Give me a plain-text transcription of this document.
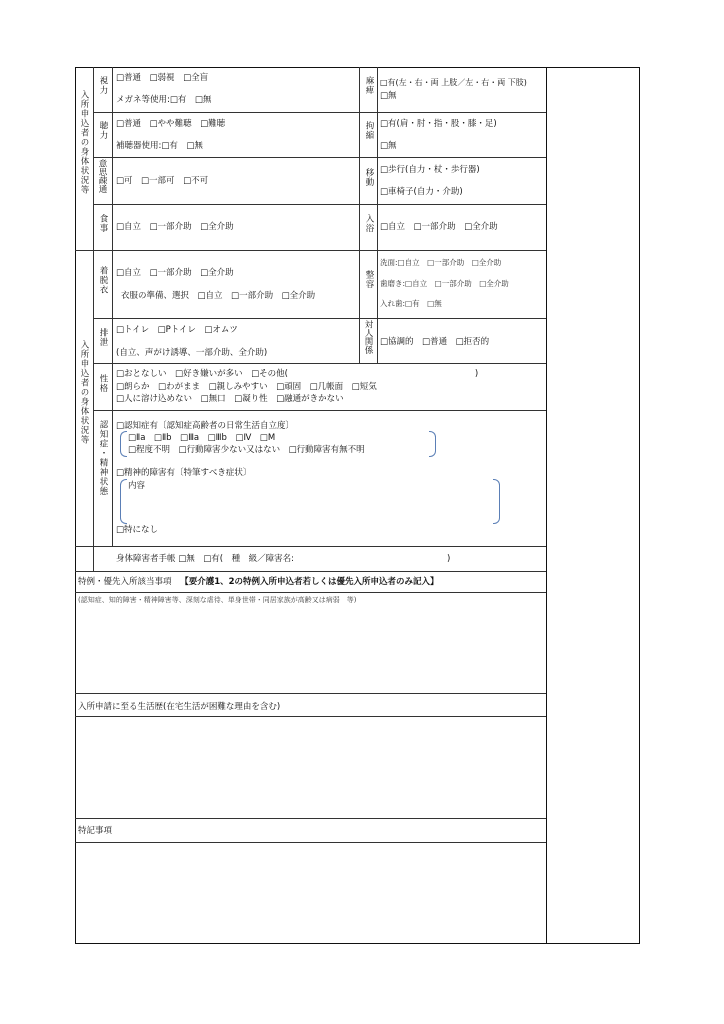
入所申込者の身体状況等
入所申込者の身体状況等
視力
聴力
意思疎通
食事
着脱衣
排泄
性格
認知症・精神状態
麻痺
拘縮
移動
入浴
整容
対人関係
□普通　□弱視　□全盲
メガネ等使用:□有　□無
□普通　□やや難聴　□難聴
補聴器使用:□有　□無
□可　□一部可　□不可
□自立　□一部介助　□全介助
□自立　□一部介助　□全介助
衣服の準備、選択　□自立　□一部介助　□全介助
□トイレ　□Pトイレ　□オムツ
(自立、声がけ誘導、一部介助、全介助)
□有(左・右・両 上肢／左・右・両 下肢)
□無
□有(肩・肘・指・股・膝・足)
□無
□歩行(自力・杖・歩行器)
□車椅子(自力・介助)
□自立　□一部介助　□全介助
洗面:□自立　□一部介助　□全介助
歯磨き:□自立　□一部介助　□全介助
入れ歯:□有　□無
□協調的　□普通　□拒否的
□おとなしい　□好き嫌いが多い　□その他(　　　　　　　　　　　　　　　　　　　　　　)
□朗らか　□わがまま　□親しみやすい　□頑固　□几帳面　□短気
□人に溶け込めない　□無口　□凝り性　□融通がきかない
□認知症有〔認知症高齢者の日常生活自立度〕
□Ⅱa　□Ⅱb　□Ⅲa　□Ⅲb　□Ⅳ　□M
□程度不明　□行動障害少ない又はない　□行動障害有無不明
□精神的障害有〔特筆すべき症状〕
内容
□特になし
身体障害者手帳 □無　□有(　種　級／障害名:　　　　　　　　　　　　　　　　　　)
特例・優先入所該当事項 【要介護1、2の特例入所申込者若しくは優先入所申込者のみ記入】
(認知症、知的障害・精神障害等、深刻な虐待、単身世帯・同居家族が高齢又は病弱　等)
入所申請に至る生活歴(在宅生活が困難な理由を含む)
特記事項
